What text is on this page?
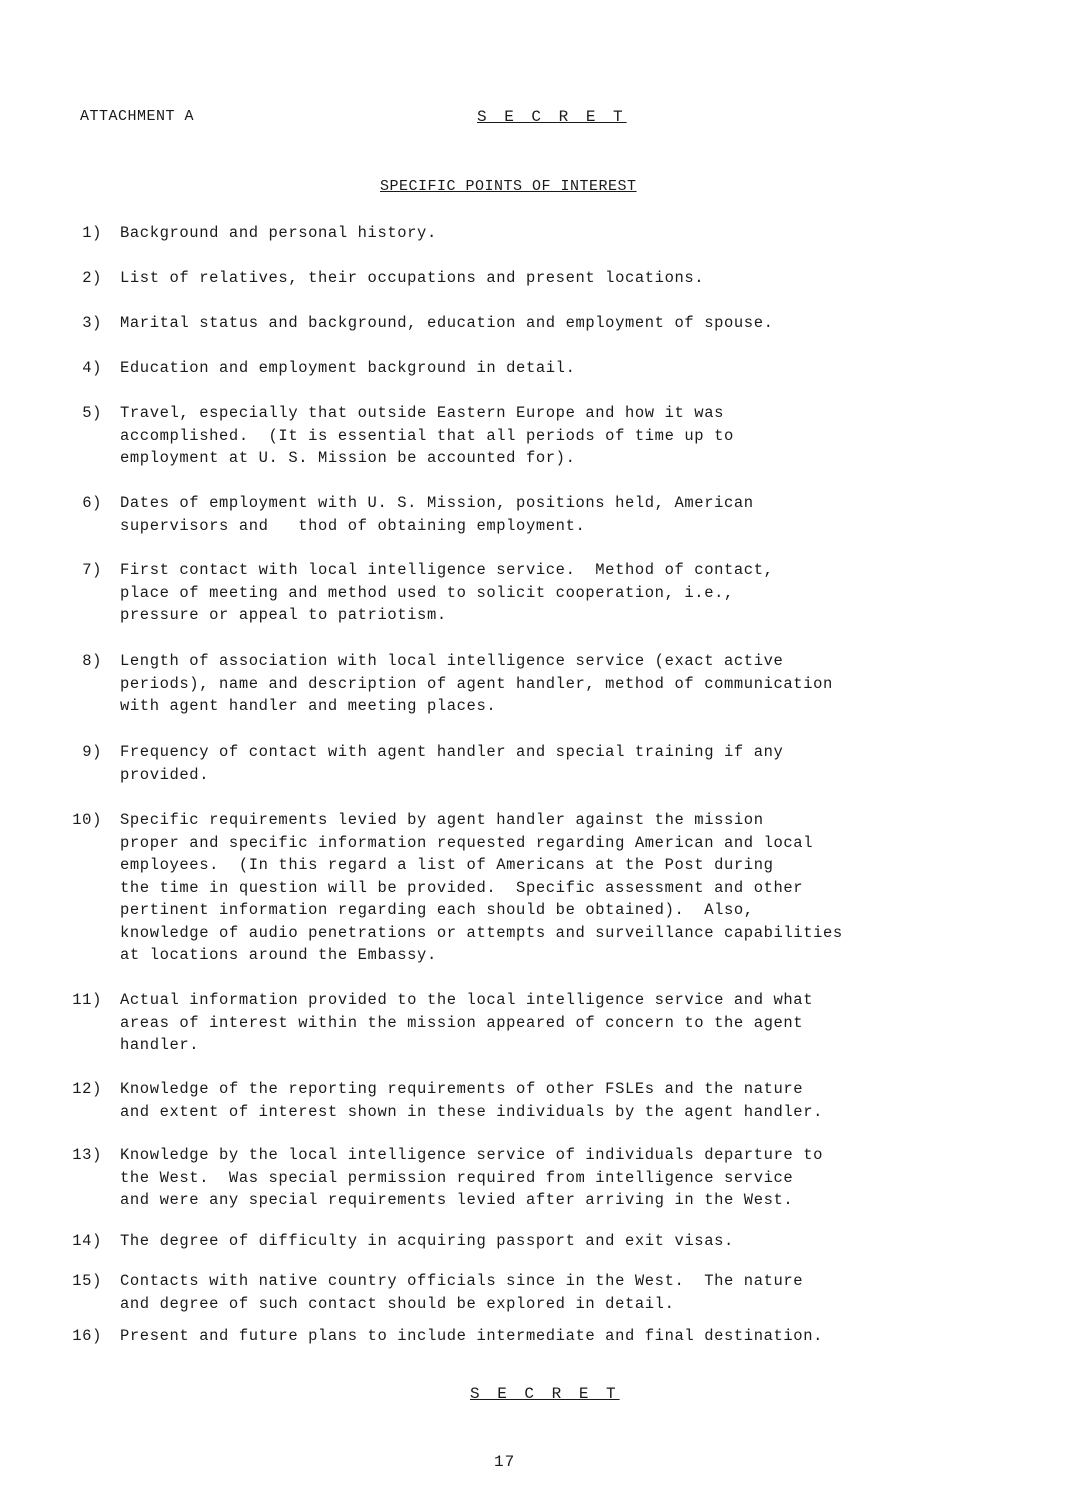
ATTACHMENT A	S E C R E T
SPECIFIC POINTS OF INTEREST
1) Background and personal history.
2) List of relatives, their occupations and present locations.
3) Marital status and background, education and employment of spouse.
4) Education and employment background in detail.
5) Travel, especially that outside Eastern Europe and how it was
accomplished.  (It is essential that all periods of time up to
employment at U. S. Mission be accounted for).
6) Dates of employment with U. S. Mission, positions held, American
supervisors and   thod of obtaining employment.
7) First contact with local intelligence service.  Method of contact,
place of meeting and method used to solicit cooperation, i.e.,
pressure or appeal to patriotism.
8) Length of association with local intelligence service (exact active
periods), name and description of agent handler, method of communication
with agent handler and meeting places.
9) Frequency of contact with agent handler and special training if any
provided.
10) Specific requirements levied by agent handler against the mission
proper and specific information requested regarding American and local
employees.  (In this regard a list of Americans at the Post during
the time in question will be provided.  Specific assessment and other
pertinent information regarding each should be obtained).  Also,
knowledge of audio penetrations or attempts and surveillance capabilities
at locations around the Embassy.
11) Actual information provided to the local intelligence service and what
areas of interest within the mission appeared of concern to the agent
handler.
12) Knowledge of the reporting requirements of other FSLEs and the nature
and extent of interest shown in these individuals by the agent handler.
13) Knowledge by the local intelligence service of individuals departure to
the West.  Was special permission required from intelligence service
and were any special requirements levied after arriving in the West.
14) The degree of difficulty in acquiring passport and exit visas.
15) Contacts with native country officials since in the West.  The nature
and degree of such contact should be explored in detail.
16) Present and future plans to include intermediate and final destination.
S E C R E T
17
